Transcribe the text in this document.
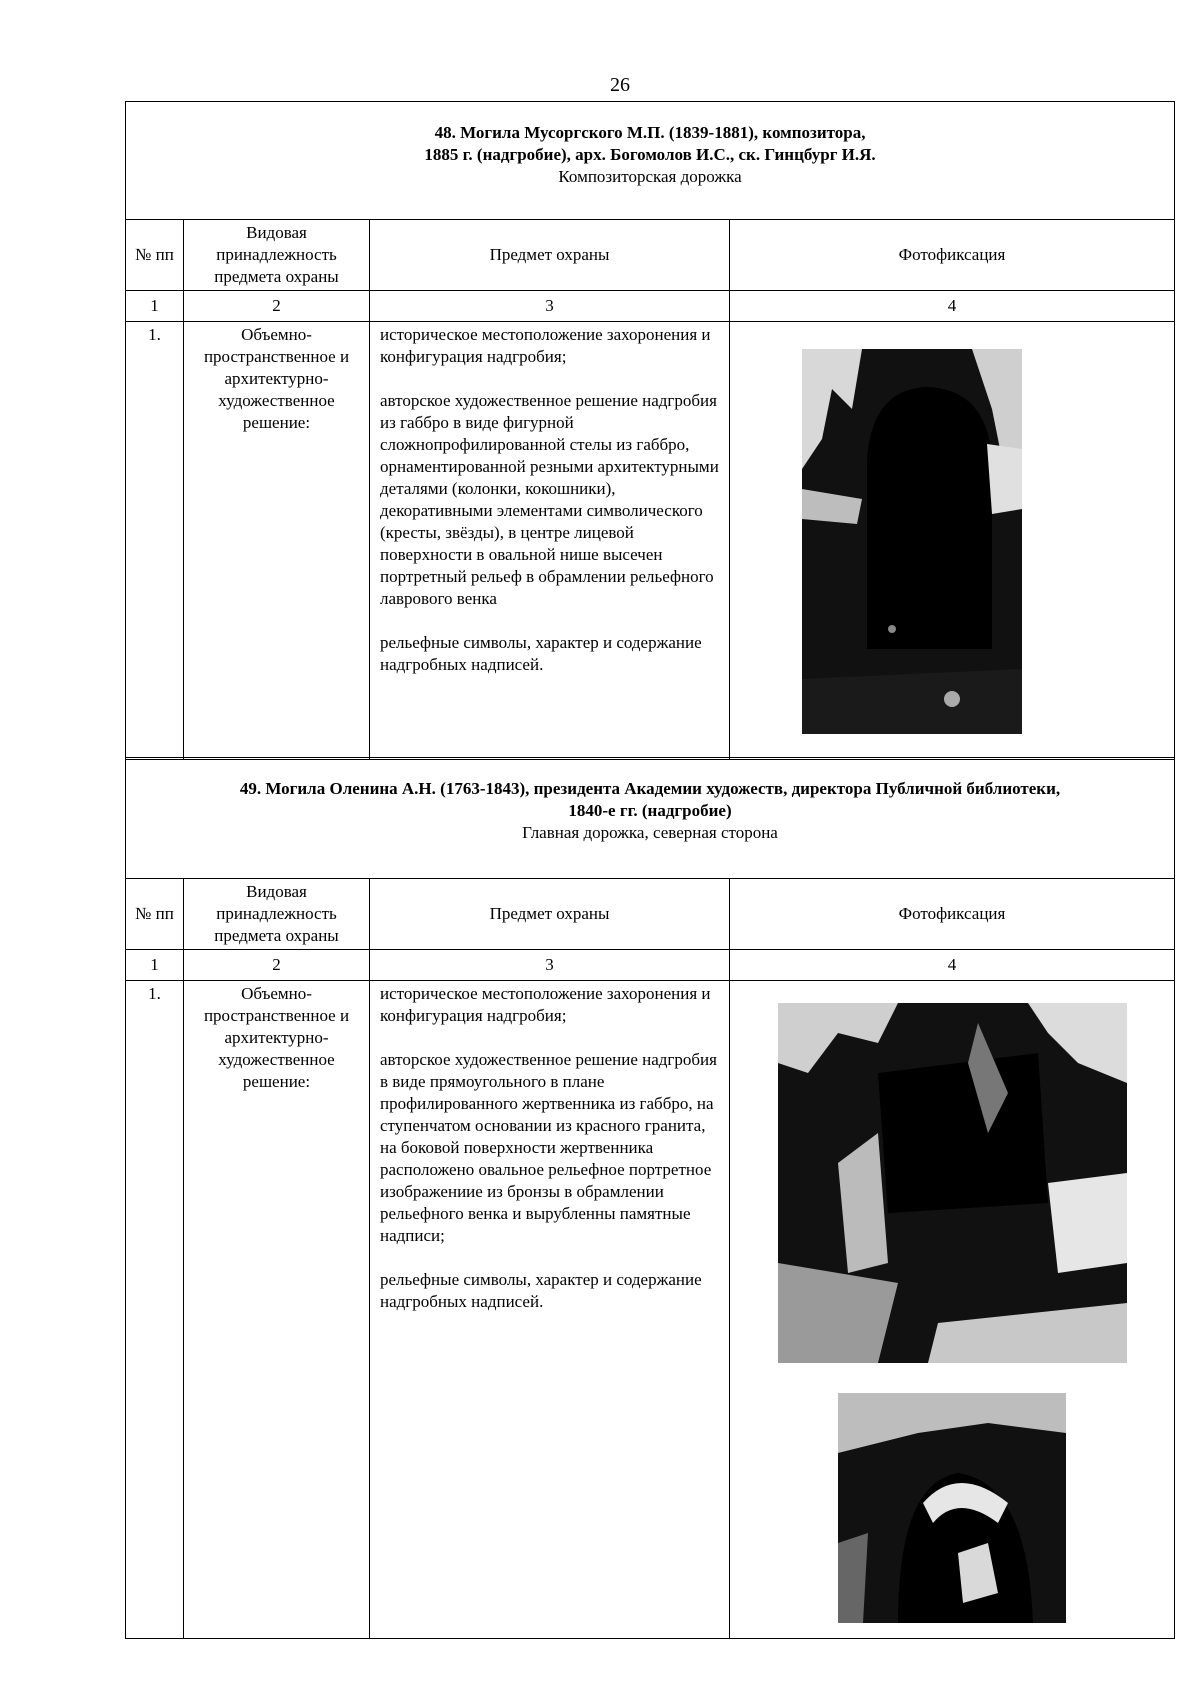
26
48. Могила Мусоргского М.П. (1839-1881), композитора,
1885 г. (надгробие), арх. Богомолов И.С., ск. Гинцбург И.Я.
Композиторская дорожка			

№ пп	Видовая принадлежность предмета охраны	Предмет охраны	Фотофиксация
1	2	3	4
1.	Объемно-пространственное и архитектурно-художественное решение:	историческое местоположение захоронения и конфигурация надгробия;

авторское художественное решение надгробия из габбро в виде фигурной сложнопрофилированной стелы из габбро, орнаментированной резными архитектурными деталями (колонки, кокошники), декоративными элементами символического (кресты, звёзды), в центре лицевой поверхности в овальной нише высечен портретный рельеф в обрамлении рельефного лаврового венка

рельефные символы, характер и содержание надгробных надписей.

49. Могила Оленина А.Н. (1763-1843), президента Академии художеств, директора Публичной библиотеки,
1840-е гг. (надгробие)
Главная дорожка, северная сторона			

№ пп	Видовая принадлежность предмета охраны	Предмет охраны	Фотофиксация
1	2	3	4
1.	Объемно-пространственное и архитектурно-художественное решение:	историческое местоположение захоронения и конфигурация надгробия;

авторское художественное решение надгробия в виде прямоугольного в плане профилированного жертвенника из габбро, на ступенчатом основании из красного гранита, на боковой поверхности жертвенника расположено овальное рельефное портретное изображениие из бронзы в обрамлении рельефного венка и вырубленны памятные надписи;

рельефные символы, характер и содержание надгробных надписей.
